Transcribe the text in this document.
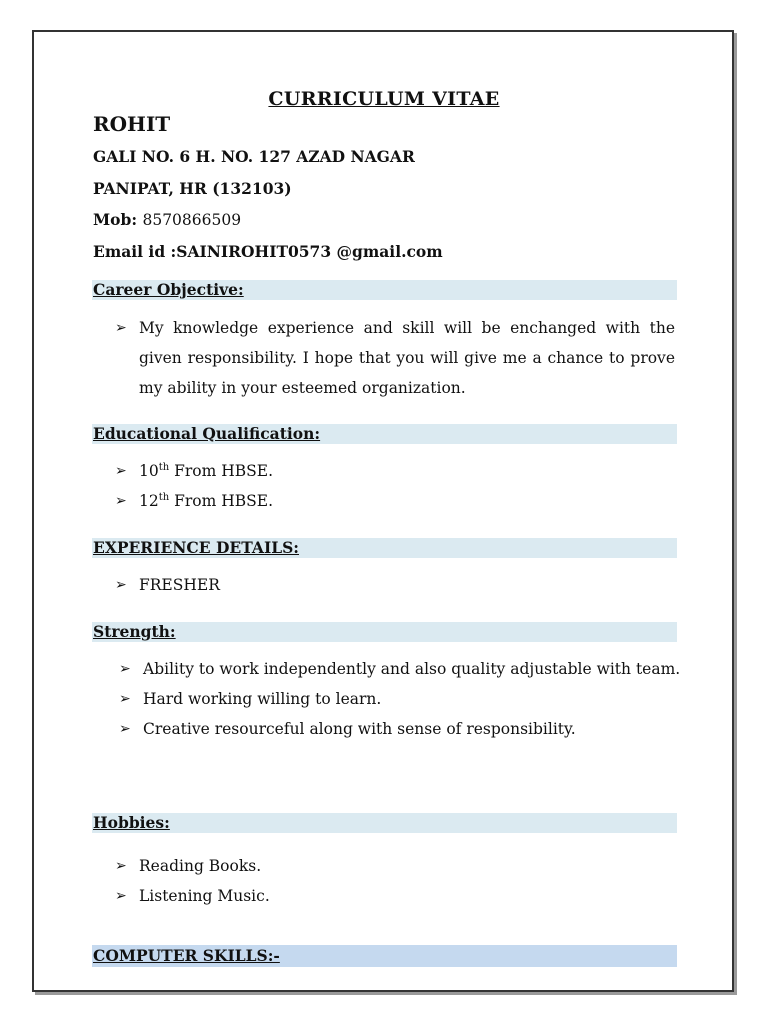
CURRICULUM VITAE
ROHIT
GALI NO. 6 H. NO. 127 AZAD NAGAR
PANIPAT, HR (132103)
Mob: 8570866509
Email id :SAINIROHIT0573 @gmail.com
Career Objective:
➢ My knowledge experience and skill will be enchanged with the given responsibility. I hope that you will give me a chance to prove my ability in your esteemed organization.

Educational Qualification:
➢ 10th From HBSE.
➢ 12th From HBSE.
EXPERIENCE DETAILS:
➢ FRESHER
Strength:
➢ Ability to work independently and also quality adjustable with team.
➢ Hard working willing to learn.
➢ Creative resourceful along with sense of responsibility.
Hobbies:
➢ Reading Books.
➢ Listening Music.
COMPUTER SKILLS:-
